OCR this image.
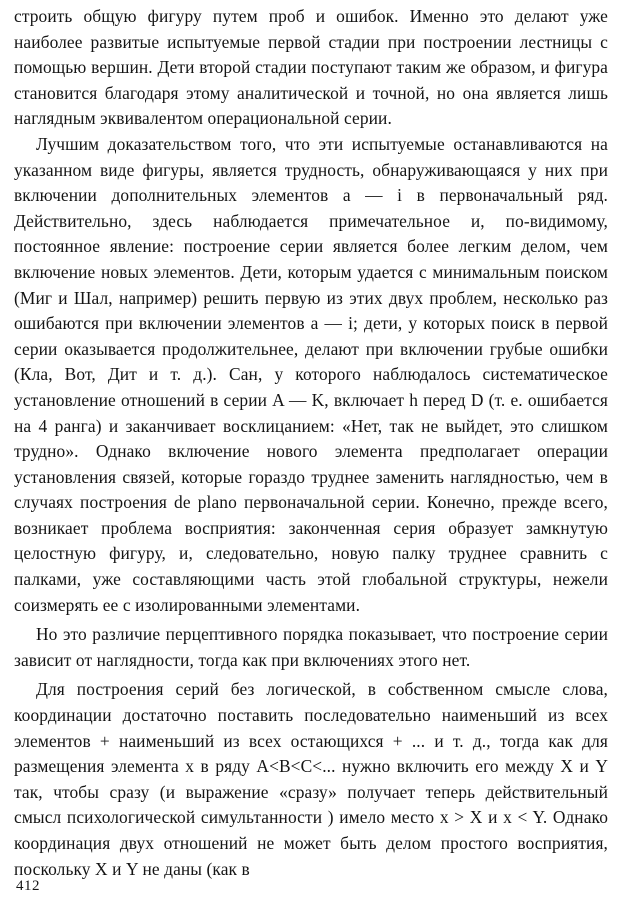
строить общую фигуру путем проб и ошибок. Именно это делают уже наиболее развитые испытуемые первой стадии при построении лестницы с помощью вершин. Дети второй стадии поступают таким же образом, и фигура становится благодаря этому аналитической и точной, но она является лишь наглядным эквивалентом операциональной серии.

Лучшим доказательством того, что эти испытуемые останавливаются на указанном виде фигуры, является трудность, обнаруживающаяся у них при включении дополнительных элементов a — i в первоначальный ряд. Действительно, здесь наблюдается примечательное и, по-видимому, постоянное явление: построение серии является более легким делом, чем включение новых элементов. Дети, которым удается с минимальным поиском (Миг и Шал, например) решить первую из этих двух проблем, несколько раз ошибаются при включении элементов a — i; дети, у которых поиск в первой серии оказывается продолжительнее, делают при включении грубые ошибки (Кла, Вот, Дит и т. д.). Сан, у которого наблюдалось систематическое установление отношений в серии A — K, включает h перед D (т. е. ошибается на 4 ранга) и заканчивает восклицанием: «Нет, так не выйдет, это слишком трудно». Однако включение нового элемента предполагает операции установления связей, которые гораздо труднее заменить наглядностью, чем в случаях построения de plano первоначальной серии. Конечно, прежде всего, возникает проблема восприятия: законченная серия образует замкнутую целостную фигуру, и, следовательно, новую палку труднее сравнить с палками, уже составляющими часть этой глобальной структуры, нежели соизмерять ее с изолированными элементами.

Но это различие перцептивного порядка показывает, что построение серии зависит от наглядности, тогда как при включениях этого нет.

Для построения серий без логической, в собственном смысле слова, координации достаточно поставить последовательно наименьший из всех элементов + наименьший из всех остающихся + ... и т. д., тогда как для размещения элемента x в ряду A<B<C<... нужно включить его между X и Y так, чтобы сразу (и выражение «сразу» получает теперь действительный смысл психологической симультанности ) имело место x > X и x < Y. Однако координация двух отношений не может быть делом простого восприятия, поскольку X и Y не даны (как в

412
